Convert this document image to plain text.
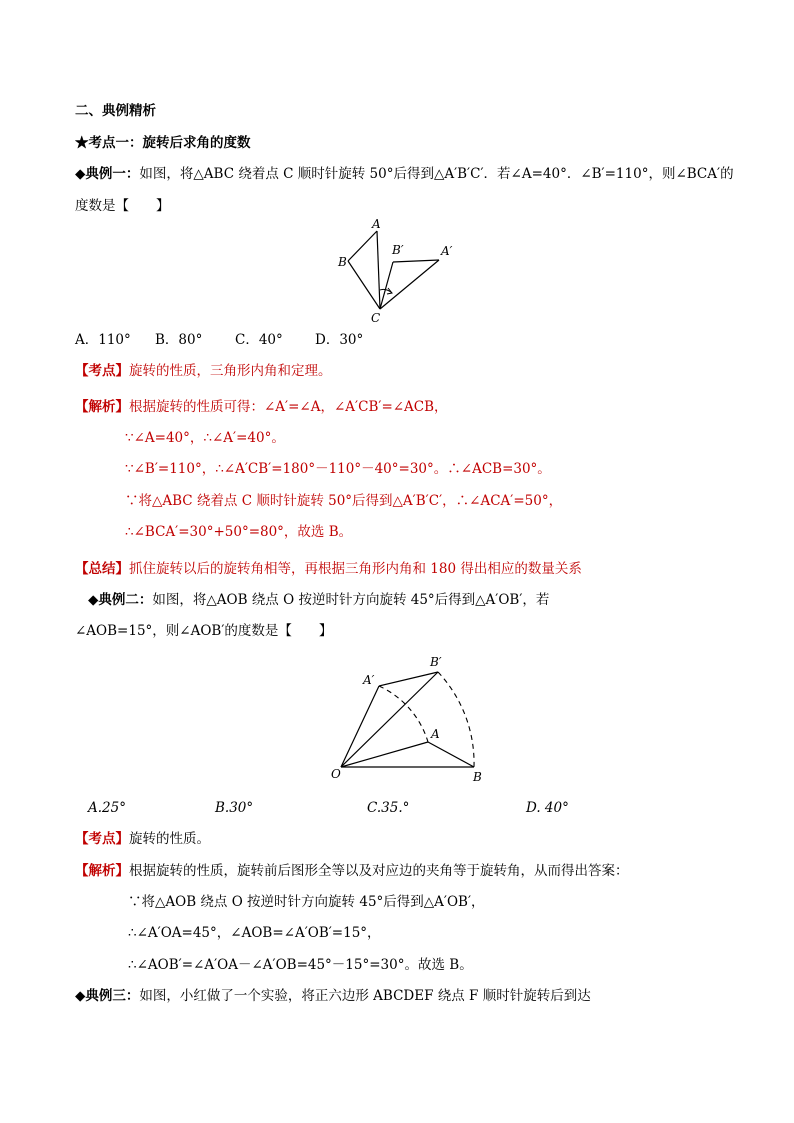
二、典例精析
★考点一：旋转后求角的度数
◆典例一：如图，将△ABC 绕着点 C 顺时针旋转 50°后得到△A′B′C′．若∠A=40°．∠B′=110°，则∠BCA′的
度数是【　　】
A
B
C
B′	A′
A．110° B．80° C．40° D．30°
【考点】旋转的性质，三角形内角和定理。
【解析】根据旋转的性质可得：∠A′=∠A，∠A′CB′=∠ACB，
∵∠A=40°，∴∠A′=40°。
∵∠B′=110°，∴∠A′CB′=180°－110°－40°=30°。∴∠ACB=30°。
∵将△ABC 绕着点 C 顺时针旋转 50°后得到△A′B′C′，∴∠ACA′=50°，
∴∠BCA′=30°+50°=80°，故选 B。
【总结】抓住旋转以后的旋转角相等，再根据三角形内角和 180 得出相应的数量关系
◆典例二：如图，将△AOB 绕点 O 按逆时针方向旋转 45°后得到△A′OB′，若
∠AOB=15°，则∠AOB′的度数是【　　】
O
A
B
A′
B′
A.25°	B.30°	C.35.°	D. 40°
【考点】旋转的性质。
【解析】根据旋转的性质，旋转前后图形全等以及对应边的夹角等于旋转角，从而得出答案：
∵将△AOB 绕点 O 按逆时针方向旋转 45°后得到△A′OB′，
∴∠A′OA=45°，∠AOB=∠A′OB′=15°，
∴∠AOB′=∠A′OA－∠A′OB=45°－15°=30°。故选 B。
◆典例三：如图，小红做了一个实验，将正六边形 ABCDEF 绕点 F 顺时针旋转后到达
